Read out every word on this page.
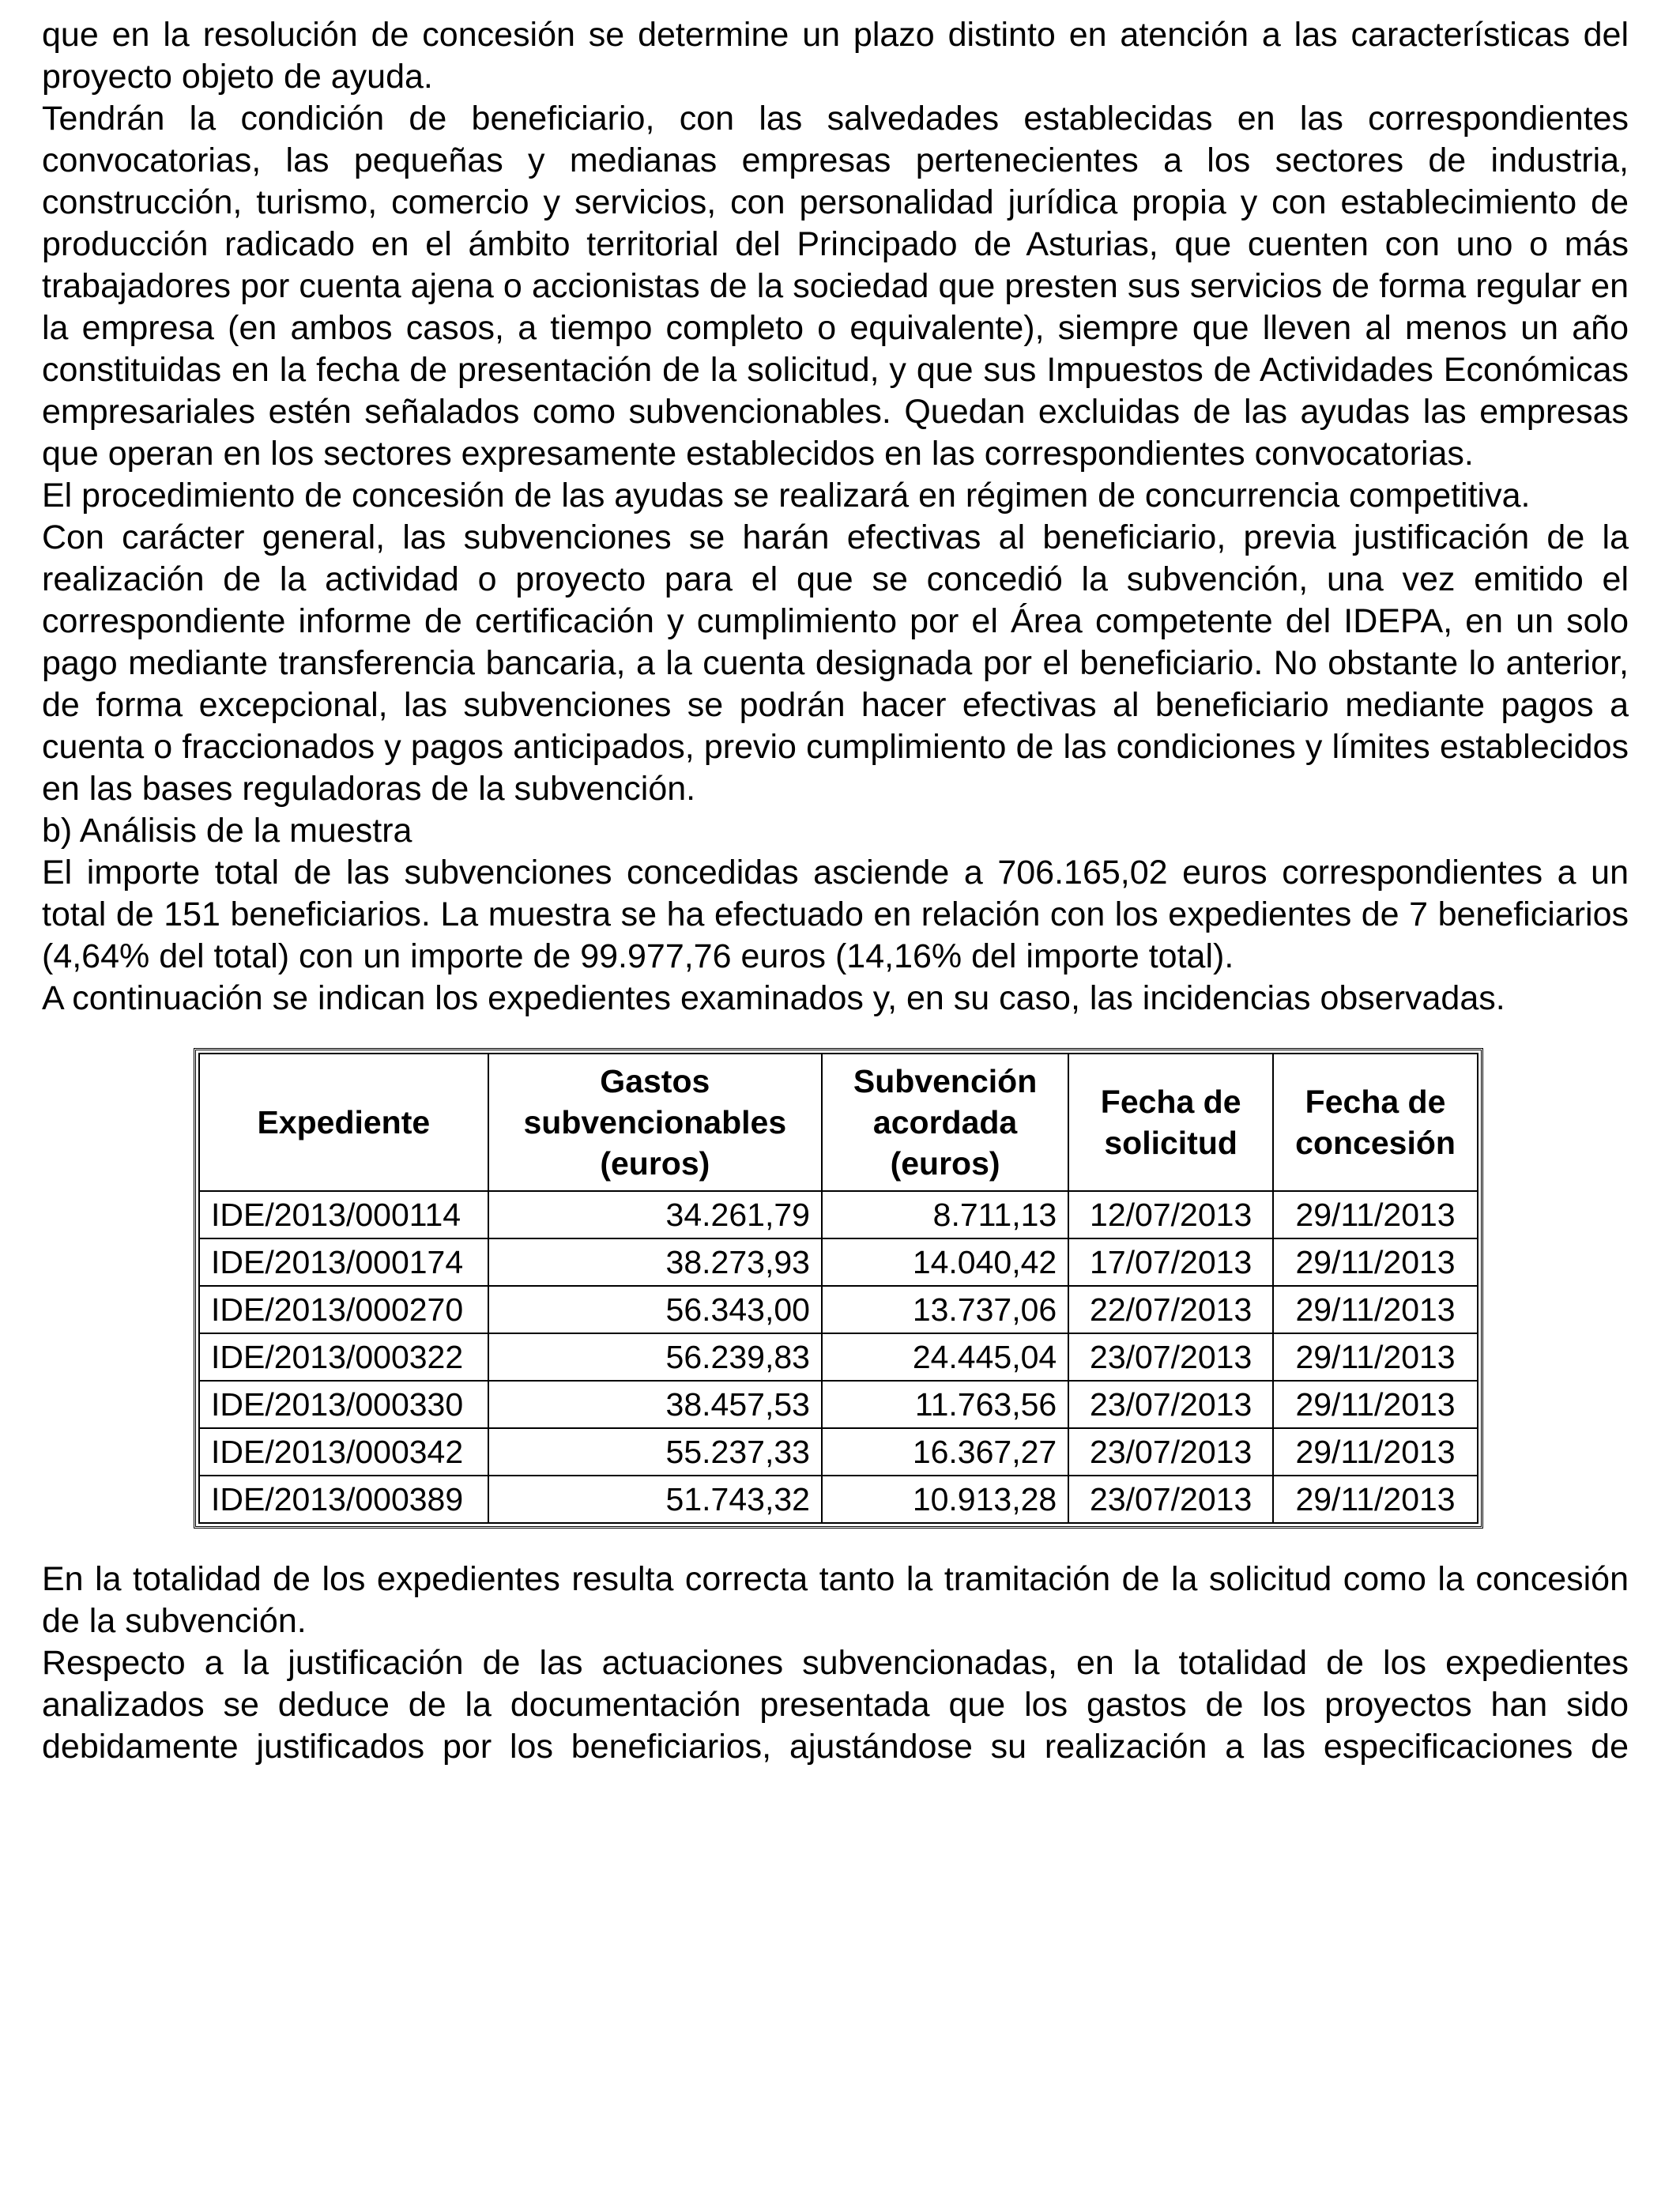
que en la resolución de concesión se determine un plazo distinto en atención a las características del proyecto objeto de ayuda.

Tendrán la condición de beneficiario, con las salvedades establecidas en las correspondientes convocatorias, las pequeñas y medianas empresas pertenecientes a los sectores de industria, construcción, turismo, comercio y servicios, con personalidad jurídica propia y con establecimiento de producción radicado en el ámbito territorial del Principado de Asturias, que cuenten con uno o más trabajadores por cuenta ajena o accionistas de la sociedad que presten sus servicios de forma regular en la empresa (en ambos casos, a tiempo completo o equivalente), siempre que lleven al menos un año constituidas en la fecha de presentación de la solicitud, y que sus Impuestos de Actividades Económicas empresariales estén señalados como subvencionables. Quedan excluidas de las ayudas las empresas que operan en los sectores expresamente establecidos en las correspondientes convocatorias.

El procedimiento de concesión de las ayudas se realizará en régimen de concurrencia competitiva.

Con carácter general, las subvenciones se harán efectivas al beneficiario, previa justificación de la realización de la actividad o proyecto para el que se concedió la subvención, una vez emitido el correspondiente informe de certificación y cumplimiento por el Área competente del IDEPA, en un solo pago mediante transferencia bancaria, a la cuenta designada por el beneficiario. No obstante lo anterior, de forma excepcional, las subvenciones se podrán hacer efectivas al beneficiario mediante pagos a cuenta o fraccionados y pagos anticipados, previo cumplimiento de las condiciones y límites establecidos en las bases reguladoras de la subvención.

b) Análisis de la muestra

El importe total de las subvenciones concedidas asciende a 706.165,02 euros correspondientes a un total de 151 beneficiarios. La muestra se ha efectuado en relación con los expedientes de 7 beneficiarios (4,64% del total) con un importe de 99.977,76 euros (14,16% del importe total).

A continuación se indican los expedientes examinados y, en su caso, las incidencias observadas.

Expediente	Gastos subvencionables (euros)	Subvención acordada (euros)	Fecha de solicitud	Fecha de concesión
IDE/2013/000114	34.261,79	8.711,13	12/07/2013	29/11/2013
IDE/2013/000174	38.273,93	14.040,42	17/07/2013	29/11/2013
IDE/2013/000270	56.343,00	13.737,06	22/07/2013	29/11/2013
IDE/2013/000322	56.239,83	24.445,04	23/07/2013	29/11/2013
IDE/2013/000330	38.457,53	11.763,56	23/07/2013	29/11/2013
IDE/2013/000342	55.237,33	16.367,27	23/07/2013	29/11/2013
IDE/2013/000389	51.743,32	10.913,28	23/07/2013	29/11/2013

En la totalidad de los expedientes resulta correcta tanto la tramitación de la solicitud como la concesión de la subvención.

Respecto a la justificación de las actuaciones subvencionadas, en la totalidad de los expedientes analizados se deduce de la documentación presentada que los gastos de los proyectos han sido debidamente justificados por los beneficiarios, ajustándose su realización a las especificaciones de
